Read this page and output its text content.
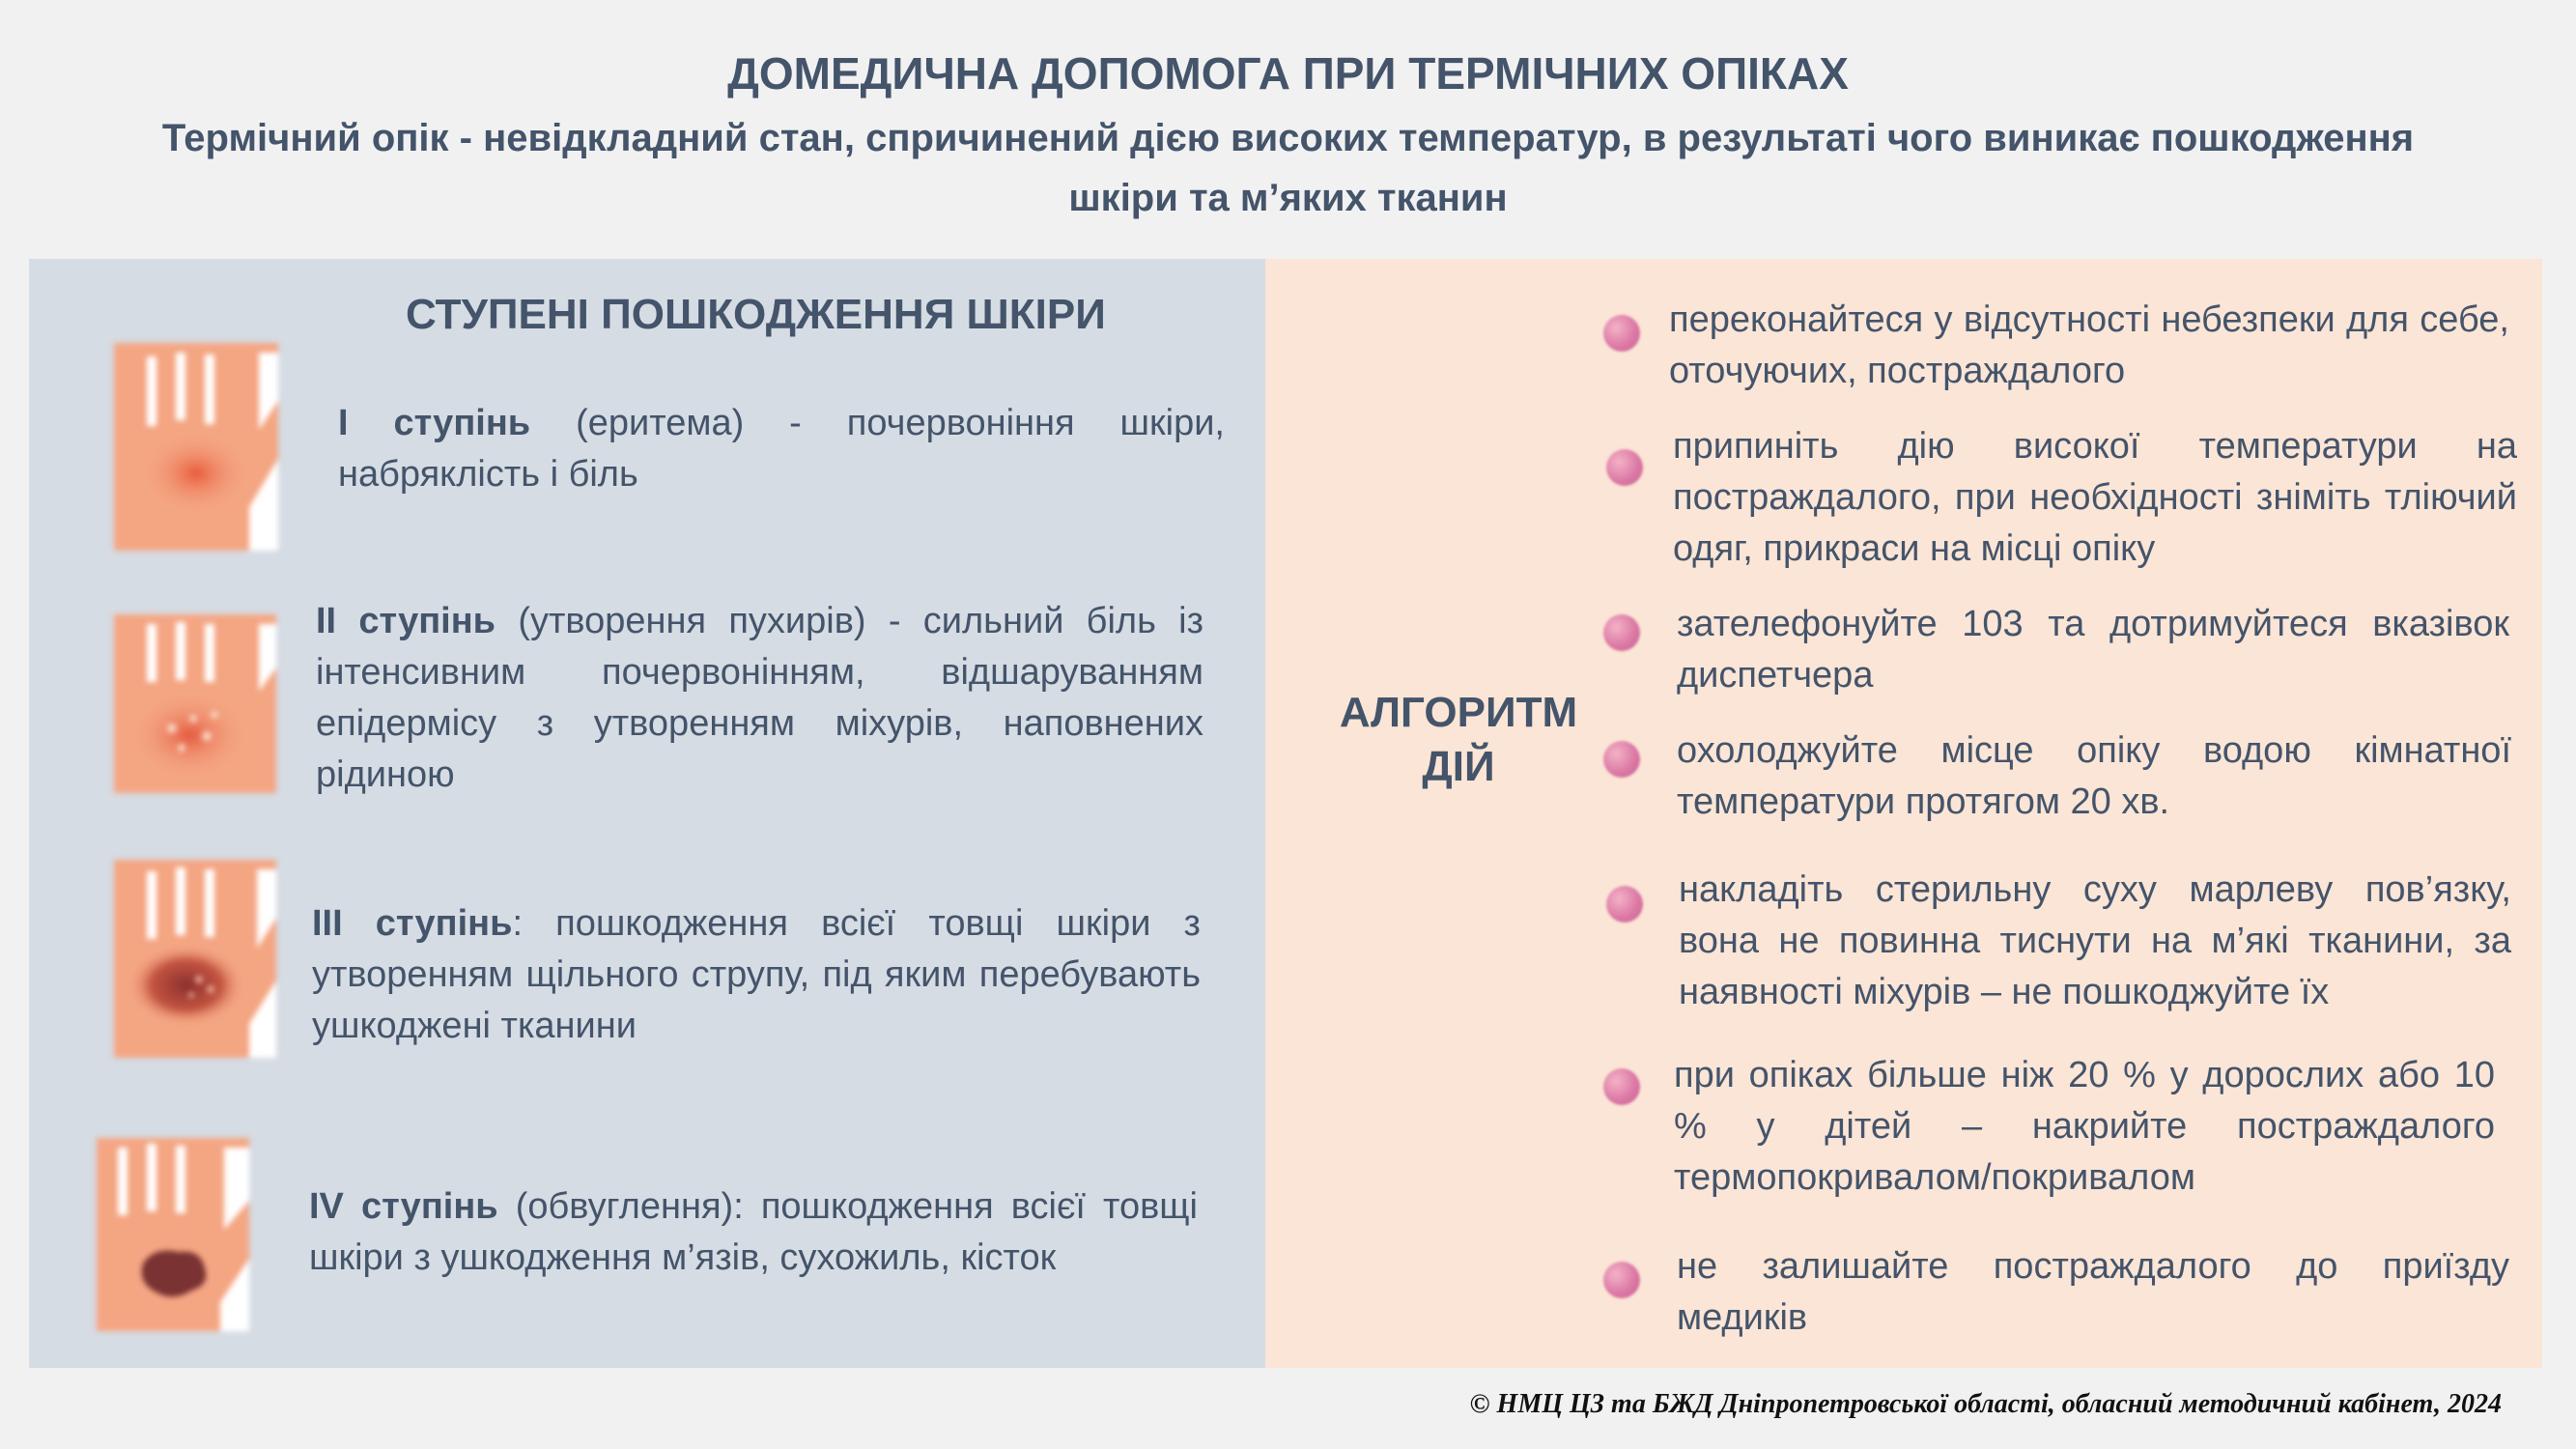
ДОМЕДИЧНА ДОПОМОГА ПРИ ТЕРМІЧНИХ ОПІКАХ

Термічний опік - невідкладний стан, спричинений дією високих температур, в результаті чого виникає пошкодження шкіри та м’яких тканин

СТУПЕНІ ПОШКОДЖЕННЯ ШКІРИ

І ступінь (еритема) - почервоніння шкіри, набряклість і біль

ІІ ступінь (утворення пухирів) - сильний біль із інтенсивним почервонінням, відшаруванням епідермісу з утворенням міхурів, наповнених рідиною

ІІІ ступінь: пошкодження всієї товщі шкіри з утворенням щільного струпу, під яким перебувають ушкоджені тканини

IV ступінь (обвуглення): пошкодження всієї товщі шкіри з ушкодження м’язів, сухожиль, кісток

АЛГОРИТМ ДІЙ

переконайтеся у відсутності небезпеки для себе, оточуючих, постраждалого

припиніть дію високої температури на постраждалого, при необхідності зніміть тліючий одяг, прикраси на місці опіку

зателефонуйте 103 та дотримуйтеся вказівок диспетчера

охолоджуйте місце опіку водою кімнатної температури протягом 20 хв.

накладіть стерильну суху марлеву пов’язку, вона не повинна тиснути на м’які тканини, за наявності міхурів – не пошкоджуйте їх

при опіках більше ніж 20 % у дорослих або 10 % у дітей – накрийте постраждалого термопокривалом/покривалом

не залишайте постраждалого до приїзду медиків

© НМЦ ЦЗ та БЖД Дніпропетровської області, обласний методичний кабінет, 2024
